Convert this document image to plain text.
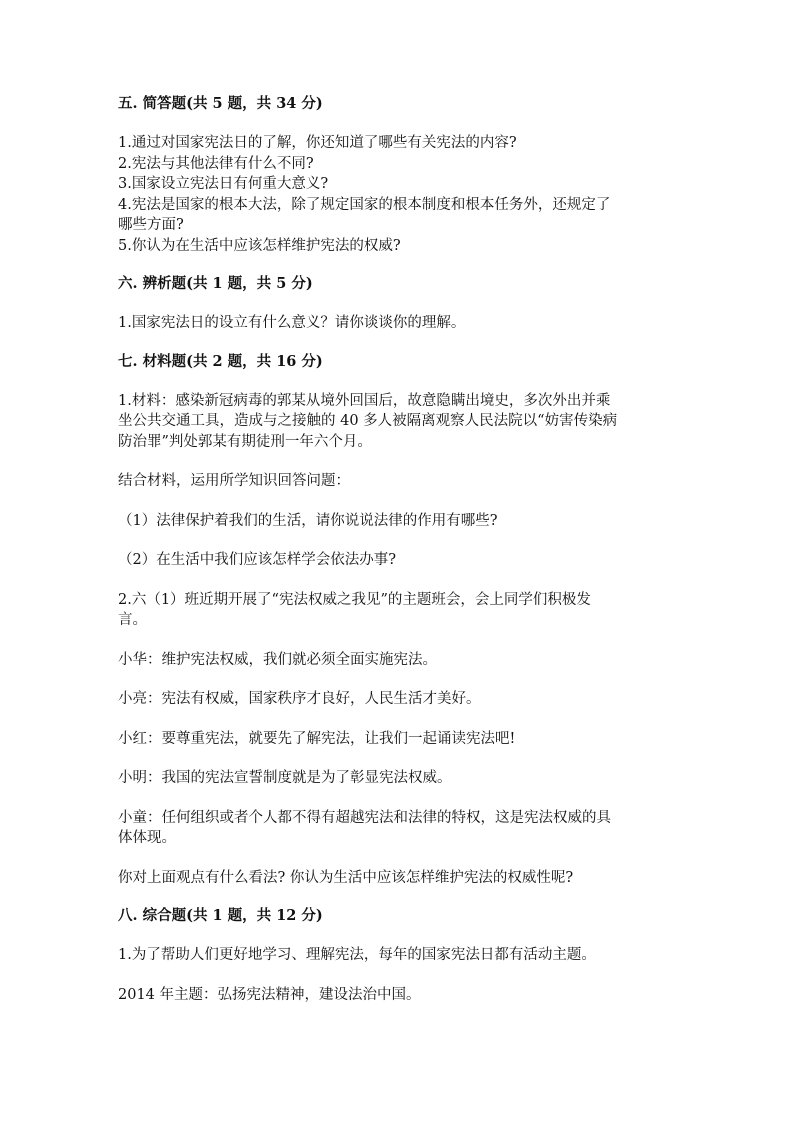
五. 简答题(共 5 题，共 34 分)
1.通过对国家宪法日的了解，你还知道了哪些有关宪法的内容?
2.宪法与其他法律有什么不同?
3.国家设立宪法日有何重大意义?
4.宪法是国家的根本大法，除了规定国家的根本制度和根本任务外，还规定了
哪些方面?
5.你认为在生活中应该怎样维护宪法的权威?
六. 辨析题(共 1 题，共 5 分)
1.国家宪法日的设立有什么意义？请你谈谈你的理解。
七. 材料题(共 2 题，共 16 分)
1.材料：感染新冠病毒的郭某从境外回国后，故意隐瞒出境史，多次外出并乘
坐公共交通工具，造成与之接触的 40 多人被隔离观察人民法院以“妨害传染病
防治罪”判处郭某有期徒刑一年六个月。
结合材料，运用所学知识回答问题：
（1）法律保护着我们的生活，请你说说法律的作用有哪些?
（2）在生活中我们应该怎样学会依法办事?
2.六（1）班近期开展了“宪法权威之我见”的主题班会，会上同学们积极发
言。
小华：维护宪法权威，我们就必须全面实施宪法。
小亮：宪法有权威，国家秩序才良好，人民生活才美好。
小红：要尊重宪法，就要先了解宪法，让我们一起诵读宪法吧!
小明：我国的宪法宣誓制度就是为了彰显宪法权威。
小童：任何组织或者个人都不得有超越宪法和法律的特权，这是宪法权威的具
体体现。
你对上面观点有什么看法? 你认为生活中应该怎样维护宪法的权威性呢?
八. 综合题(共 1 题，共 12 分)
1.为了帮助人们更好地学习、理解宪法，每年的国家宪法日都有活动主题。
2014 年主题：弘扬宪法精神，建设法治中国。
